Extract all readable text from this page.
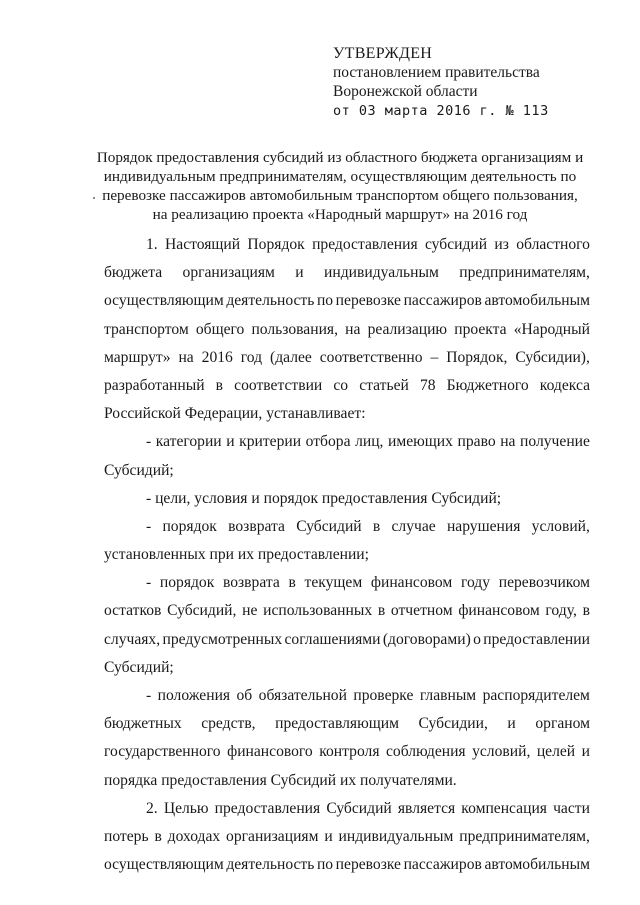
УТВЕРЖДЕН
постановлением правительства
Воронежской области
от 03 марта 2016 г. № 113
Порядок предоставления субсидий из областного бюджета организациям и
индивидуальным предпринимателям, осуществляющим деятельность по
перевозке пассажиров автомобильным транспортом общего пользования,
на реализацию проекта «Народный маршрут» на 2016 год
1. Настоящий Порядок предоставления субсидий из областного
бюджета организациям и индивидуальным предпринимателям,
осуществляющим деятельность по перевозке пассажиров автомобильным
транспортом общего пользования, на реализацию проекта «Народный
маршрут» на 2016 год (далее соответственно – Порядок, Субсидии),
разработанный в соответствии со статьей 78 Бюджетного кодекса
Российской Федерации, устанавливает:
- категории и критерии отбора лиц, имеющих право на получение
Субсидий;
- цели, условия и порядок предоставления Субсидий;
- порядок возврата Субсидий в случае нарушения условий,
установленных при их предоставлении;
- порядок возврата в текущем финансовом году перевозчиком
остатков Субсидий, не использованных в отчетном финансовом году, в
случаях, предусмотренных соглашениями (договорами) о предоставлении
Субсидий;
- положения об обязательной проверке главным распорядителем
бюджетных средств, предоставляющим Субсидии, и органом
государственного финансового контроля соблюдения условий, целей и
порядка предоставления Субсидий их получателями.
2. Целью предоставления Субсидий является компенсация части
потерь в доходах организациям и индивидуальным предпринимателям,
осуществляющим деятельность по перевозке пассажиров автомобильным
